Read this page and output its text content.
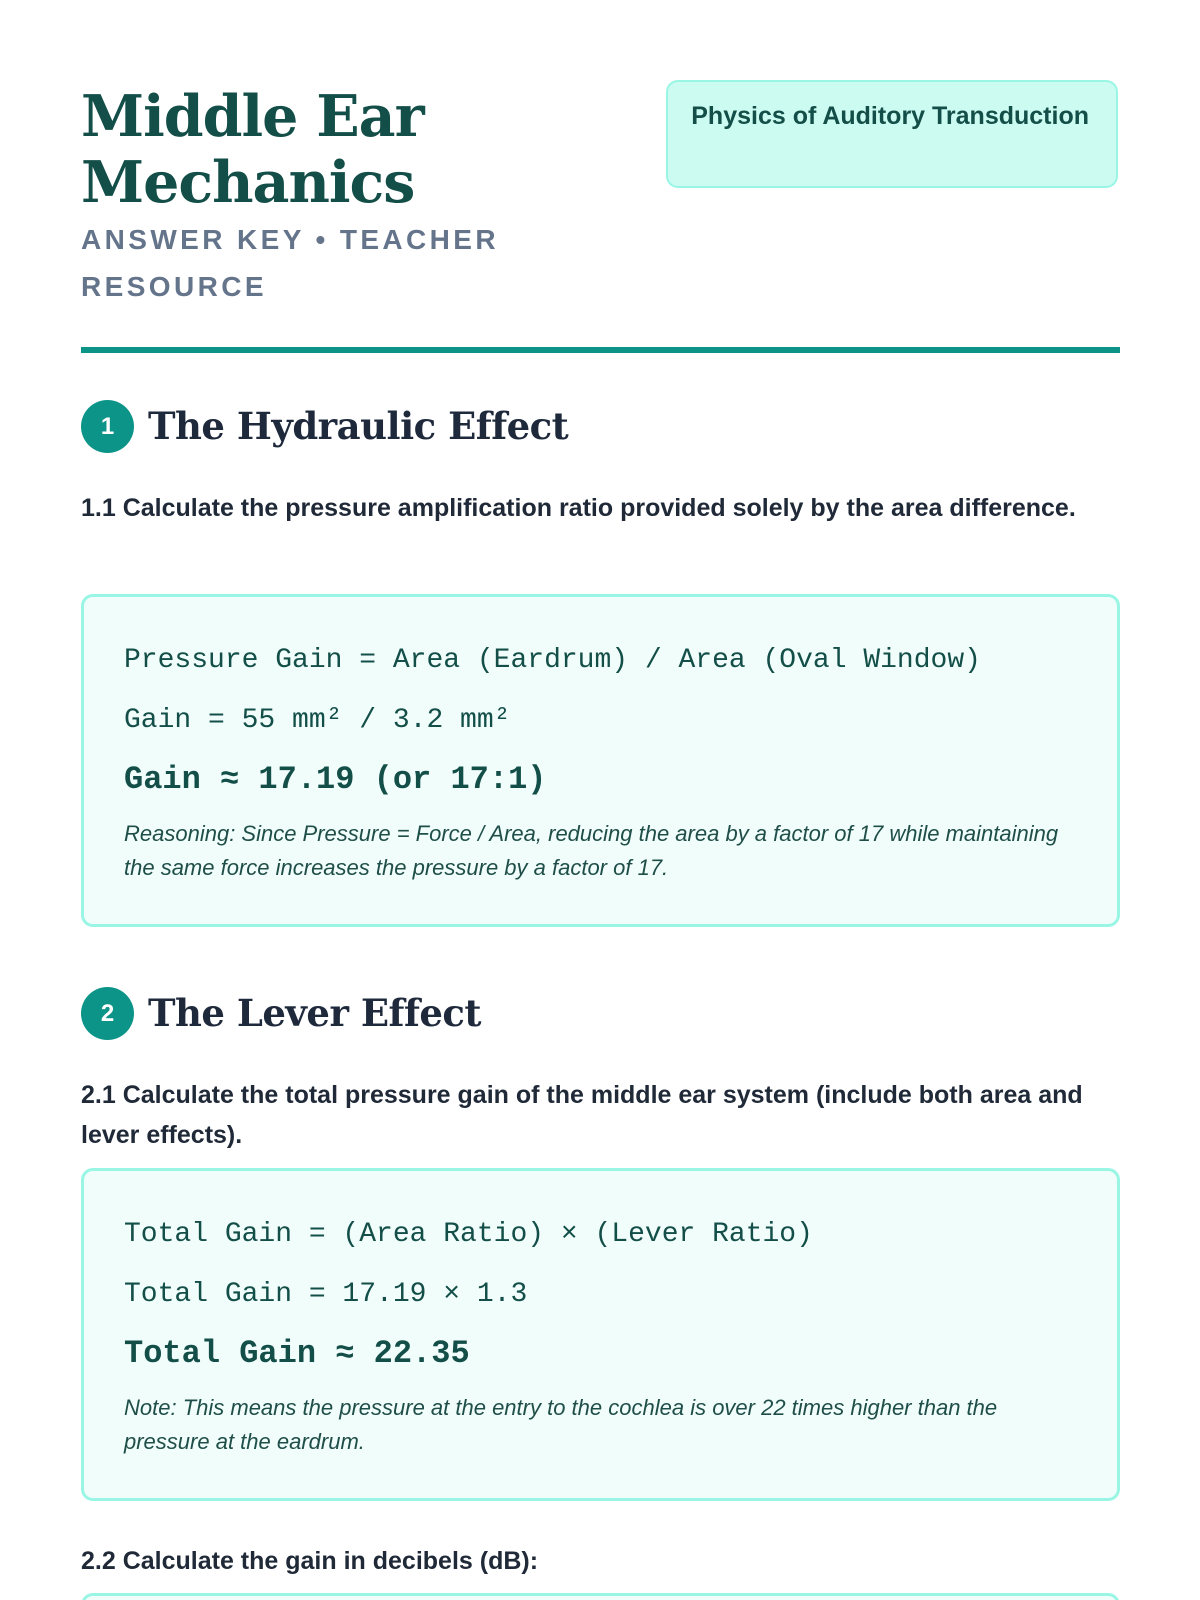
Middle Ear Mechanics
ANSWER KEY • TEACHER RESOURCE
Physics of Auditory Transduction
1 The Hydraulic Effect

1.1 Calculate the pressure amplification ratio provided solely by the area difference.

Pressure Gain = Area (Eardrum) / Area (Oval Window)
Gain = 55 mm² / 3.2 mm²
Gain ≈ 17.19 (or 17:1)

Reasoning: Since Pressure = Force / Area, reducing the area by a factor of 17 while maintaining the same force increases the pressure by a factor of 17.

2 The Lever Effect

2.1 Calculate the total pressure gain of the middle ear system (include both area and lever effects).

Total Gain = (Area Ratio) × (Lever Ratio)
Total Gain = 17.19 × 1.3
Total Gain ≈ 22.35

Note: This means the pressure at the entry to the cochlea is over 22 times higher than the pressure at the eardrum.

2.2 Calculate the gain in decibels (dB):
